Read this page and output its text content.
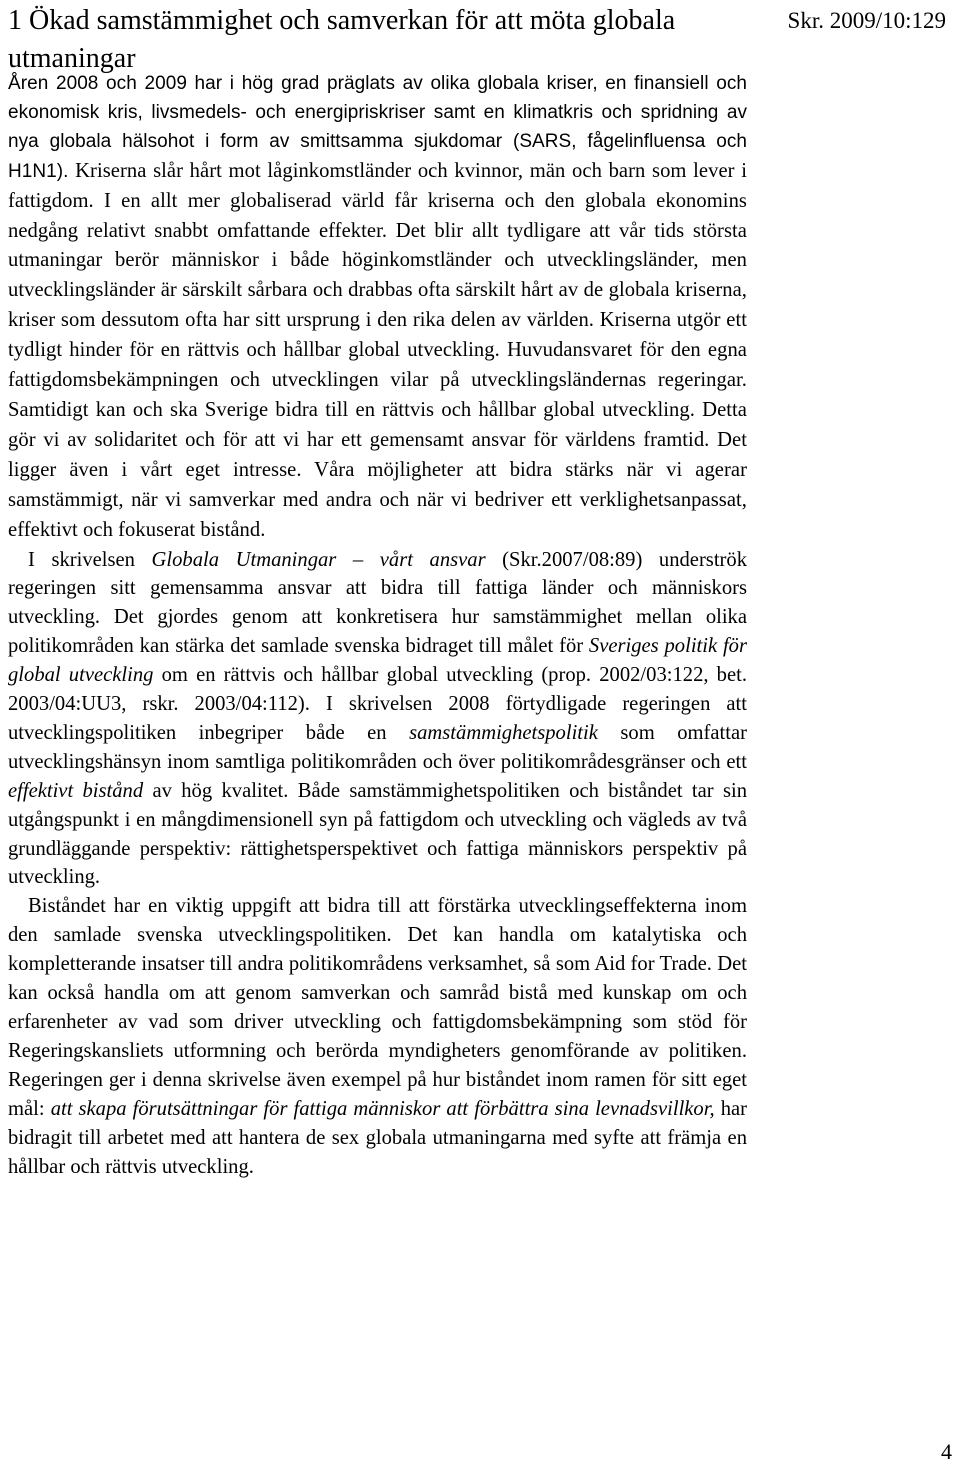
1 Ökad samstämmighet och samverkan för att möta globala utmaningar
Skr. 2009/10:129

Åren 2008 och 2009 har i hög grad präglats av olika globala kriser, en finansiell och ekonomisk kris, livsmedels- och energipriskriser samt en klimatkris och spridning av nya globala hälsohot i form av smittsamma sjukdomar (SARS, fågelinfluensa och H1N1). Kriserna slår hårt mot låginkomstländer och kvinnor, män och barn som lever i fattigdom. I en allt mer globaliserad värld får kriserna och den globala ekonomins nedgång relativt snabbt omfattande effekter. Det blir allt tydligare att vår tids största utmaningar berör människor i både höginkomstländer och utvecklingsländer, men utvecklingsländer är särskilt sårbara och drabbas ofta särskilt hårt av de globala kriserna, kriser som dessutom ofta har sitt ursprung i den rika delen av världen. Kriserna utgör ett tydligt hinder för en rättvis och hållbar global utveckling. Huvudansvaret för den egna fattigdomsbekämpningen och utvecklingen vilar på utvecklingsländernas regeringar. Samtidigt kan och ska Sverige bidra till en rättvis och hållbar global utveckling. Detta gör vi av solidaritet och för att vi har ett gemensamt ansvar för världens framtid. Det ligger även i vårt eget intresse. Våra möjligheter att bidra stärks när vi agerar samstämmigt, när vi samverkar med andra och när vi bedriver ett verklighetsanpassat, effektivt och fokuserat bistånd.

I skrivelsen Globala Utmaningar – vårt ansvar (Skr.2007/08:89) underströk regeringen sitt gemensamma ansvar att bidra till fattiga länder och människors utveckling. Det gjordes genom att konkretisera hur samstämmighet mellan olika politikområden kan stärka det samlade svenska bidraget till målet för Sveriges politik för global utveckling om en rättvis och hållbar global utveckling (prop. 2002/03:122, bet. 2003/04:UU3, rskr. 2003/04:112). I skrivelsen 2008 förtydligade regeringen att utvecklingspolitiken inbegriper både en samstämmighetspolitik som omfattar utvecklingshänsyn inom samtliga politikområden och över politikområdesgränser och ett effektivt bistånd av hög kvalitet. Både samstämmighetspolitiken och biståndet tar sin utgångspunkt i en mångdimensionell syn på fattigdom och utveckling och vägleds av två grundläggande perspektiv: rättighetsperspektivet och fattiga människors perspektiv på utveckling.

Biståndet har en viktig uppgift att bidra till att förstärka utvecklingseffekterna inom den samlade svenska utvecklingspolitiken. Det kan handla om katalytiska och kompletterande insatser till andra politikområdens verksamhet, så som Aid for Trade. Det kan också handla om att genom samverkan och samråd bistå med kunskap om och erfarenheter av vad som driver utveckling och fattigdomsbekämpning som stöd för Regeringskansliets utformning och berörda myndigheters genomförande av politiken. Regeringen ger i denna skrivelse även exempel på hur biståndet inom ramen för sitt eget mål: att skapa förutsättningar för fattiga människor att förbättra sina levnadsvillkor, har bidragit till arbetet med att hantera de sex globala utmaningarna med syfte att främja en hållbar och rättvis utveckling.

4
